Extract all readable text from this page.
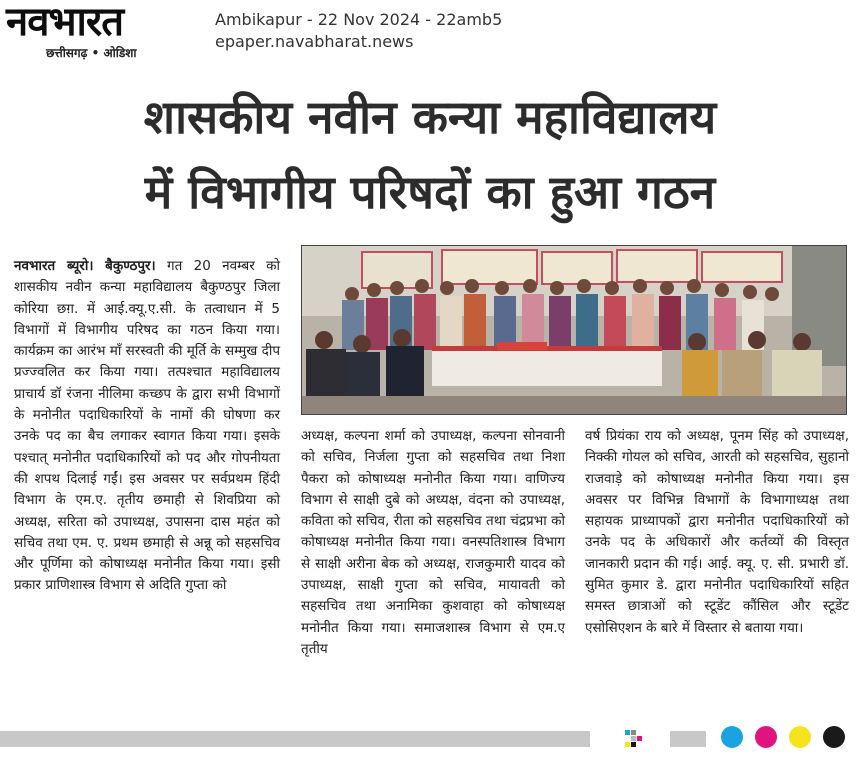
नवभारत
छत्तीसगढ़ • ओडिशा
Ambikapur - 22 Nov 2024 - 22amb5
epaper.navabharat.news
शासकीय नवीन कन्या महाविद्यालय
में विभागीय परिषदों का हुआ गठन
नवभारत ब्यूरो। बैकुण्ठपुर। गत 20 नवम्बर को शासकीय नवीन कन्या महाविद्यालय बैकुण्ठपुर जिला कोरिया छग़. में आई.क्यू.ए.सी. के तत्वाधान में 5 विभागों में विभागीय परिषद का गठन किया गया। कार्यक्रम का आरंभ माँ सरस्वती की मूर्ति के सम्मुख दीप प्रज्ज्वलित कर किया गया। तत्पश्चात महाविद्यालय प्राचार्य डॉ रंजना नीलिमा कच्छप के द्वारा सभी विभागों के मनोनीत पदाधिकारियों के नामों की घोषणा कर उनके पद का बैच लगाकर स्वागत किया गया। इसके पश्चात् मनोनीत पदाधिकारियों को पद और गोपनीयता की शपथ दिलाई गईं। इस अवसर पर सर्वप्रथम हिंदी विभाग के एम.ए. तृतीय छमाही से शिवप्रिया को अध्यक्ष, सरिता को उपाध्यक्ष, उपासना दास महंत को सचिव तथा एम. ए. प्रथम छमाही से अन्नू को सहसचिव और पूर्णिमा को कोषाध्यक्ष मनोनीत किया गया। इसी प्रकार प्राणिशास्त्र विभाग से अदिति गुप्ता को
अध्यक्ष, कल्पना शर्मा को उपाध्यक्ष, कल्पना सोनवानी को सचिव, निर्जला गुप्ता को सहसचिव तथा निशा पैकरा को कोषाध्यक्ष मनोनीत किया गया। वाणिज्य विभाग से साक्षी दुबे को अध्यक्ष, वंदना को उपाध्यक्ष, कविता को सचिव, रीता को सहसचिव तथा चंद्रप्रभा को कोषाध्यक्ष मनोनीत किया गया। वनस्पतिशास्त्र विभाग से साक्षी अरीना बेक को अध्यक्ष, राजकुमारी यादव को उपाध्यक्ष, साक्षी गुप्ता को सचिव, मायावती को सहसचिव तथा अनामिका कुशवाहा को कोषाध्यक्ष मनोनीत किया गया। समाजशास्त्र विभाग से एम.ए तृतीय
वर्ष प्रियंका राय को अध्यक्ष, पूनम सिंह को उपाध्यक्ष, निक्की गोयल को सचिव, आरती को सहसचिव, सुहानो राजवाड़े को कोषाध्यक्ष मनोनीत किया गया। इस अवसर पर विभिन्न विभागों के विभागाध्यक्ष तथा सहायक प्राध्यापकों द्वारा मनोनीत पदाधिकारियों को उनके पद के अधिकारों और कर्तव्यों की विस्तृत जानकारी प्रदान की गई। आई. क्यू. ए. सी. प्रभारी डॉ. सुमित कुमार डे. द्वारा मनोनीत पदाधिकारियों सहित समस्त छात्राओं को स्टूडेंट कौंसिल और स्टूडेंट एसोसिएशन के बारे में विस्तार से बताया गया।
